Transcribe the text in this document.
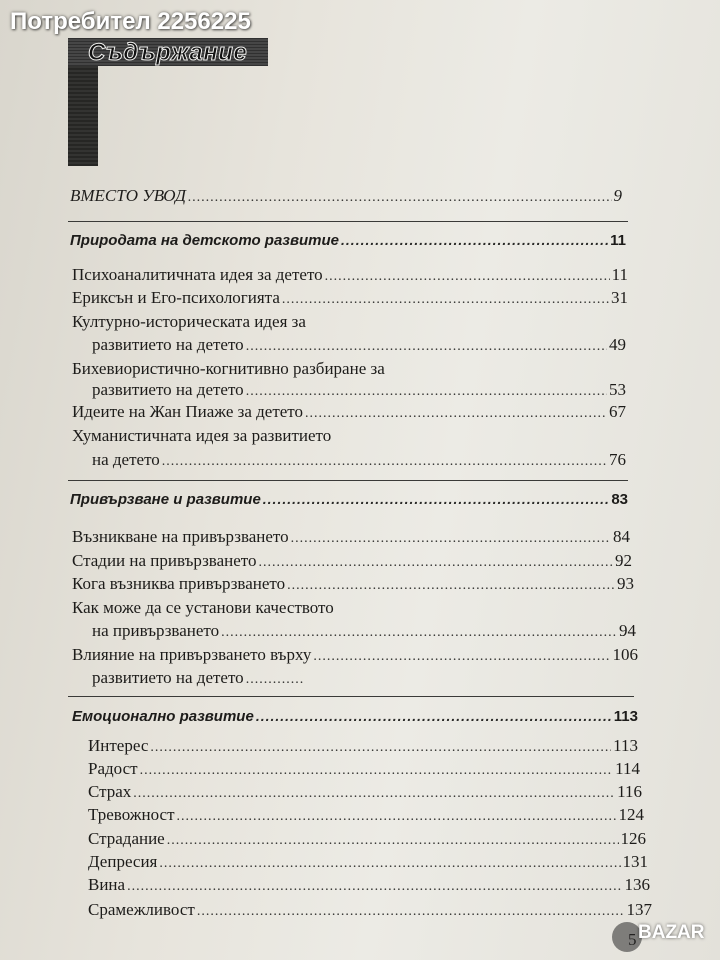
Потребител 2256225
Съдържание
ВМЕСТО УВОД .....	9
Природата на детското развитие .....	11
Психоаналитичната идея за детето .....	11
Ериксън и Его-психологията .....	31
Културно-историческата идея за
развитието на детето .....	49
Бихевиористично-когнитивно разбиране за
развитието на детето .....	53
Идеите на Жан Пиаже за детето .....	67
Хуманистичната идея за развитието
на детето .....	76
Привързване и развитие .....	83
Възникване на привързването .....	84
Стадии на привързването .....	92
Кога възниква привързването .....	93
Как може да се установи качеството
на привързването .....	94
Влияние на привързването върху .....	106
развитието на детето
.....
Емоционално развитие .....	113
Интерес .....	113
Радост .....	114
Страх .....	116
Тревожност .....	124
Страдание .....	126
Депресия .....	131
Вина .....	136
Срамежливост .....	137
BAZAR
